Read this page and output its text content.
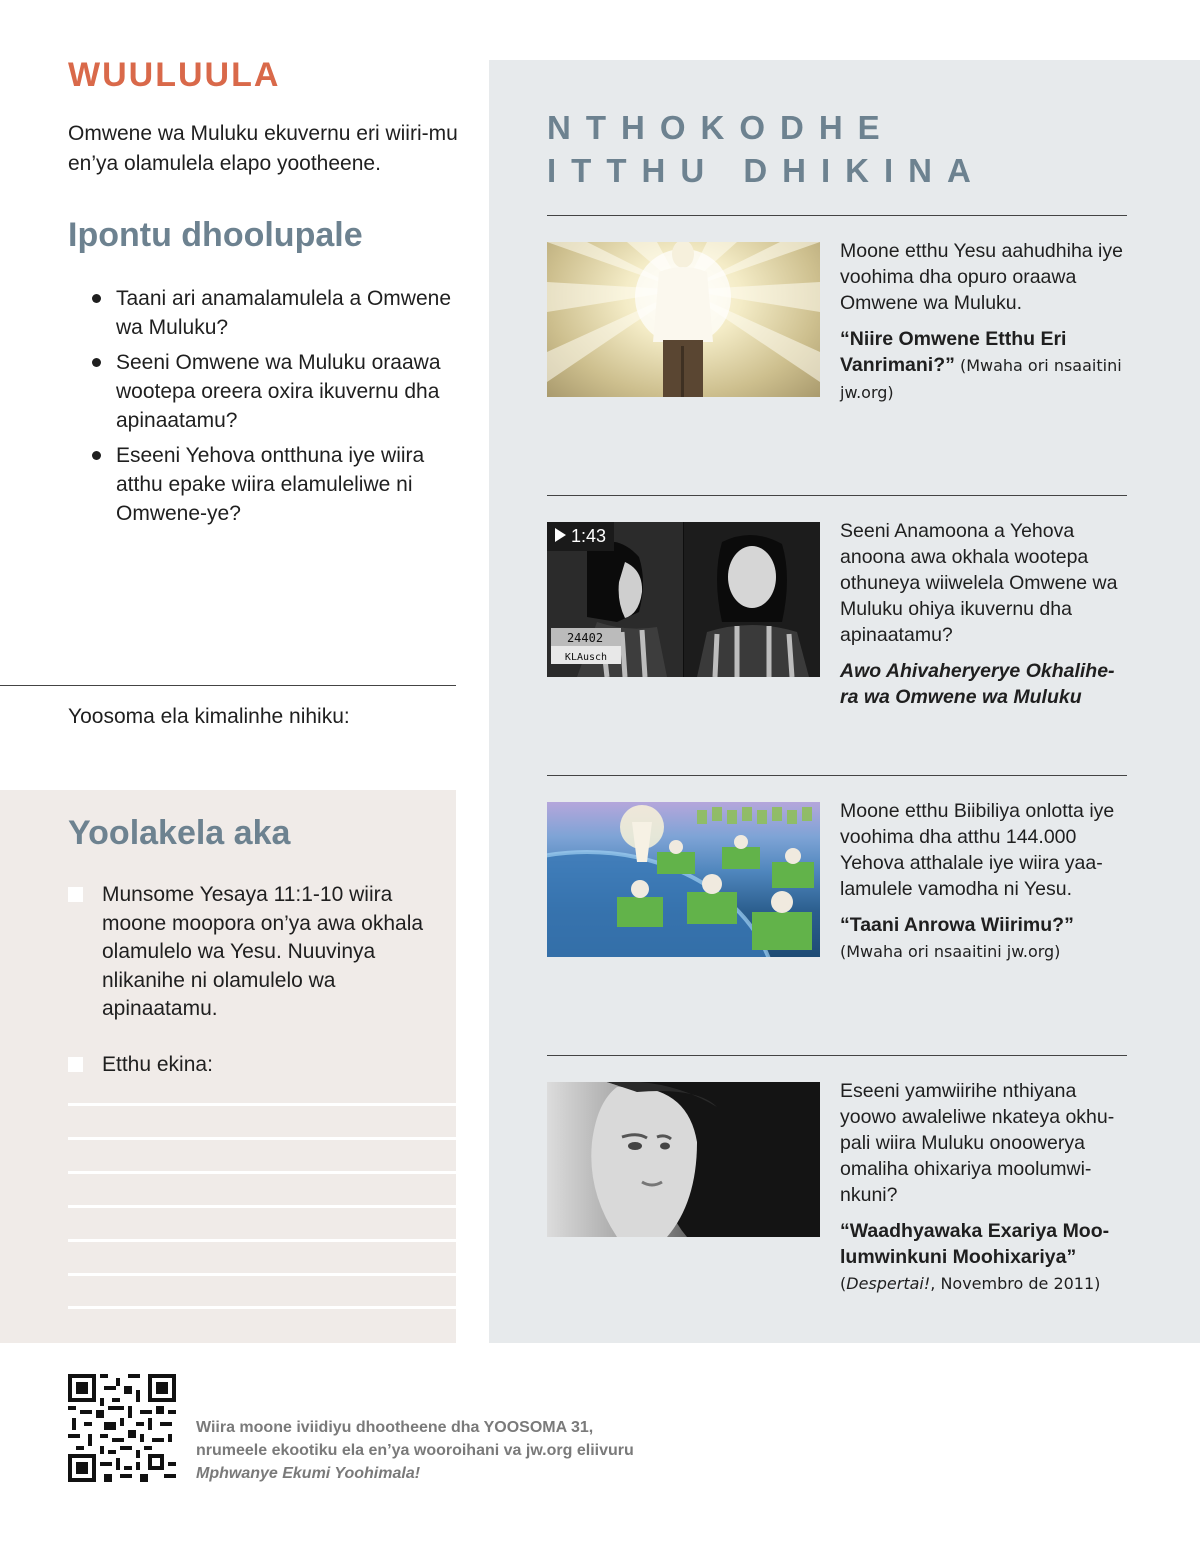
WUULUULA

Omwene wa Muluku ekuvernu eri wiiri-mu en’ya olamulela elapo yootheene.

Ipontu dhoolupale
Taani ari anamalamulela a Omwene wa Muluku?
Seeni Omwene wa Muluku oraawa wootepa oreera oxira ikuvernu dha apinaatamu?
Eseeni Yehova ontthuna iye wiira atthu epake wiira elamuleliwe ni Omwene-ye?

Yoosoma ela kimalinhe nihiku:

Yoolakela aka
Munsome Yesaya 11:1-10 wiira moone moopora on’ya awa okhala olamulelo wa Yesu. Nuuvinya nlikanihe ni olamulelo wa apinaatamu.
Etthu ekina:
NTHOKODHE
ITTHU DHIKINA

Moone etthu Yesu aahudhiha iye voohima dha opuro oraawa Omwene wa Muluku.

“Niire Omwene Etthu Eri Vanrimani?” (Mwaha ori nsaaitini jw.org)

24402
KLAusch
1:43	Seeni Anamoona a Yehova anoona awa okhala wootepa othuneya wiiwelela Omwene wa Muluku ohiya ikuvernu dha apinaatamu?

Awo Ahivaheryerye Okhalihe-ra wa Omwene wa Muluku

Moone etthu Biibiliya onlotta iye voohima dha atthu 144.000 Yehova atthalale iye wiira yaa-lamulele vamodha ni Yesu.

“Taani Anrowa Wiirimu?”
(Mwaha ori nsaaitini jw.org)

Eseeni yamwiirihe nthiyana yoowo awaleliwe nkateya okhu-pali wiira Muluku onoowerya omaliha ohixariya moolumwi-nkuni?

“Waadhyawaka Exariya Moo-lumwinkuni Moohixariya”
(Despertai!, Novembro de 2011)

Wiira moone iviidiyu dhootheene dha YOOSOMA 31, nrumeele ekootiku ela en’ya wooroihani va jw.org eliivuru Mphwanye Ekumi Yoohimala!
